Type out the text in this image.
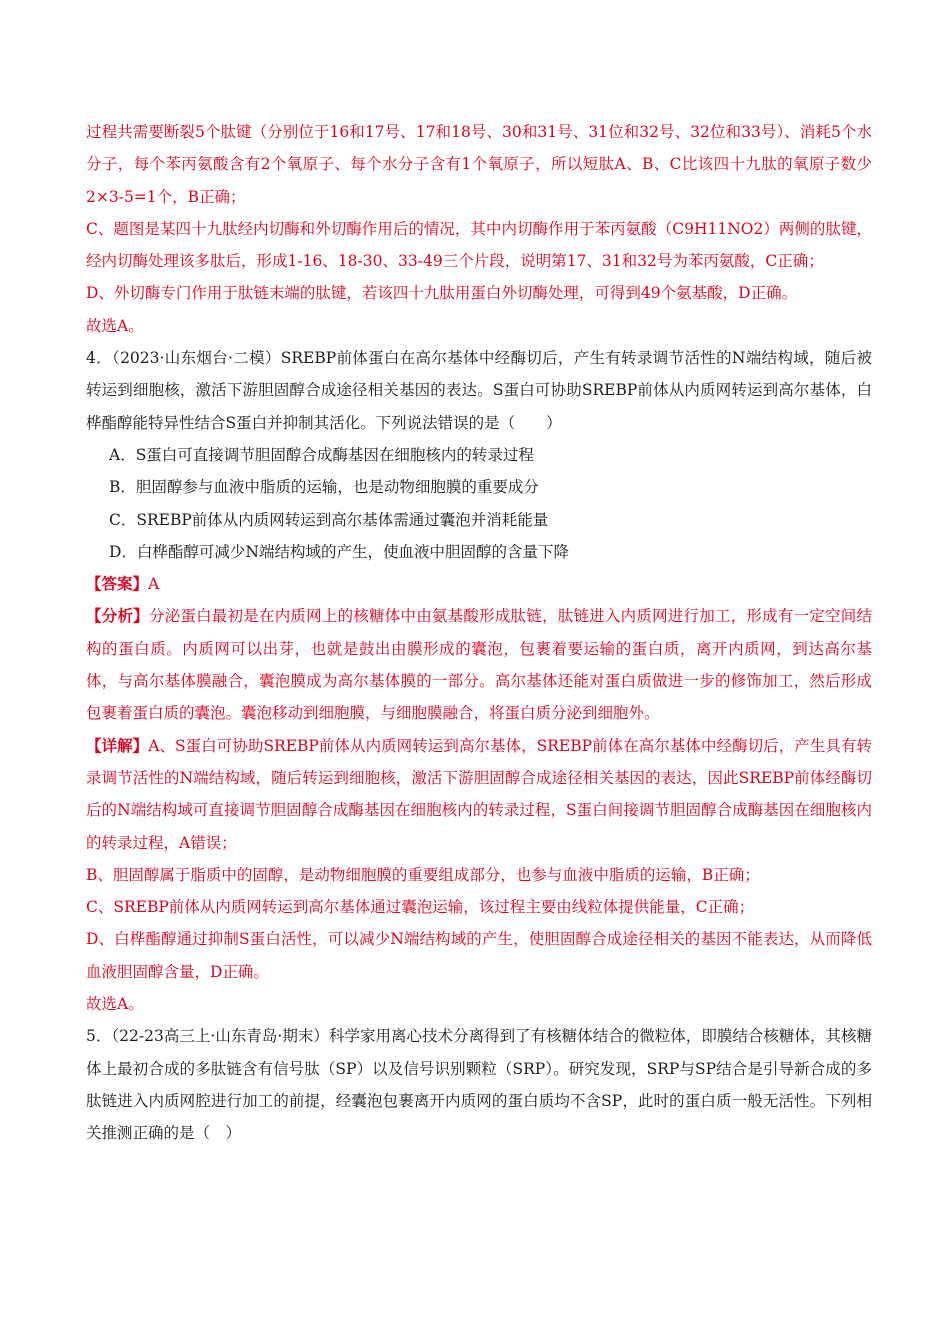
过程共需要断裂5个肽键（分别位于16和17号、17和18号、30和31号、31位和32号、32位和33号）、消耗5个水分子，每个苯丙氨酸含有2个氧原子、每个水分子含有1个氧原子，所以短肽A、B、C比该四十九肽的氧原子数少2×3-5=1个，B正确；

C、题图是某四十九肽经内切酶和外切酶作用后的情况，其中内切酶作用于苯丙氨酸（C9H11NO2）两侧的肽键，经内切酶处理该多肽后，形成1-16、18-30、33-49三个片段，说明第17、31和32号为苯丙氨酸，C正确；

D、外切酶专门作用于肽链末端的肽键，若该四十九肽用蛋白外切酶处理，可得到49个氨基酸，D正确。

故选A。

4．（2023·山东烟台·二模）SREBP前体蛋白在高尔基体中经酶切后，产生有转录调节活性的N端结构域，随后被转运到细胞核，激活下游胆固醇合成途径相关基因的表达。S蛋白可协助SREBP前体从内质网转运到高尔基体，白桦酯醇能特异性结合S蛋白并抑制其活化。下列说法错误的是（　　）

A．S蛋白可直接调节胆固醇合成酶基因在细胞核内的转录过程

B．胆固醇参与血液中脂质的运输，也是动物细胞膜的重要成分

C．SREBP前体从内质网转运到高尔基体需通过囊泡并消耗能量

D．白桦酯醇可减少N端结构域的产生，使血液中胆固醇的含量下降

【答案】A

【分析】分泌蛋白最初是在内质网上的核糖体中由氨基酸形成肽链，肽链进入内质网进行加工，形成有一定空间结构的蛋白质。内质网可以出芽，也就是鼓出由膜形成的囊泡，包裹着要运输的蛋白质，离开内质网，到达高尔基体，与高尔基体膜融合，囊泡膜成为高尔基体膜的一部分。高尔基体还能对蛋白质做进一步的修饰加工，然后形成包裹着蛋白质的囊泡。囊泡移动到细胞膜，与细胞膜融合，将蛋白质分泌到细胞外。

【详解】A、S蛋白可协助SREBP前体从内质网转运到高尔基体，SREBP前体在高尔基体中经酶切后，产生具有转录调节活性的N端结构域，随后转运到细胞核，激活下游胆固醇合成途径相关基因的表达，因此SREBP前体经酶切后的N端结构域可直接调节胆固醇合成酶基因在细胞核内的转录过程，S蛋白间接调节胆固醇合成酶基因在细胞核内的转录过程，A错误；

B、胆固醇属于脂质中的固醇，是动物细胞膜的重要组成部分，也参与血液中脂质的运输，B正确；

C、SREBP前体从内质网转运到高尔基体通过囊泡运输，该过程主要由线粒体提供能量，C正确；

D、白桦酯醇通过抑制S蛋白活性，可以减少N端结构域的产生，使胆固醇合成途径相关的基因不能表达，从而降低血液胆固醇含量，D正确。

故选A。

5．（22-23高三上·山东青岛·期末）科学家用离心技术分离得到了有核糖体结合的微粒体，即膜结合核糖体，其核糖体上最初合成的多肽链含有信号肽（SP）以及信号识别颗粒（SRP）。研究发现，SRP与SP结合是引导新合成的多肽链进入内质网腔进行加工的前提，经囊泡包裹离开内质网的蛋白质均不含SP，此时的蛋白质一般无活性。下列相关推测正确的是（　）
